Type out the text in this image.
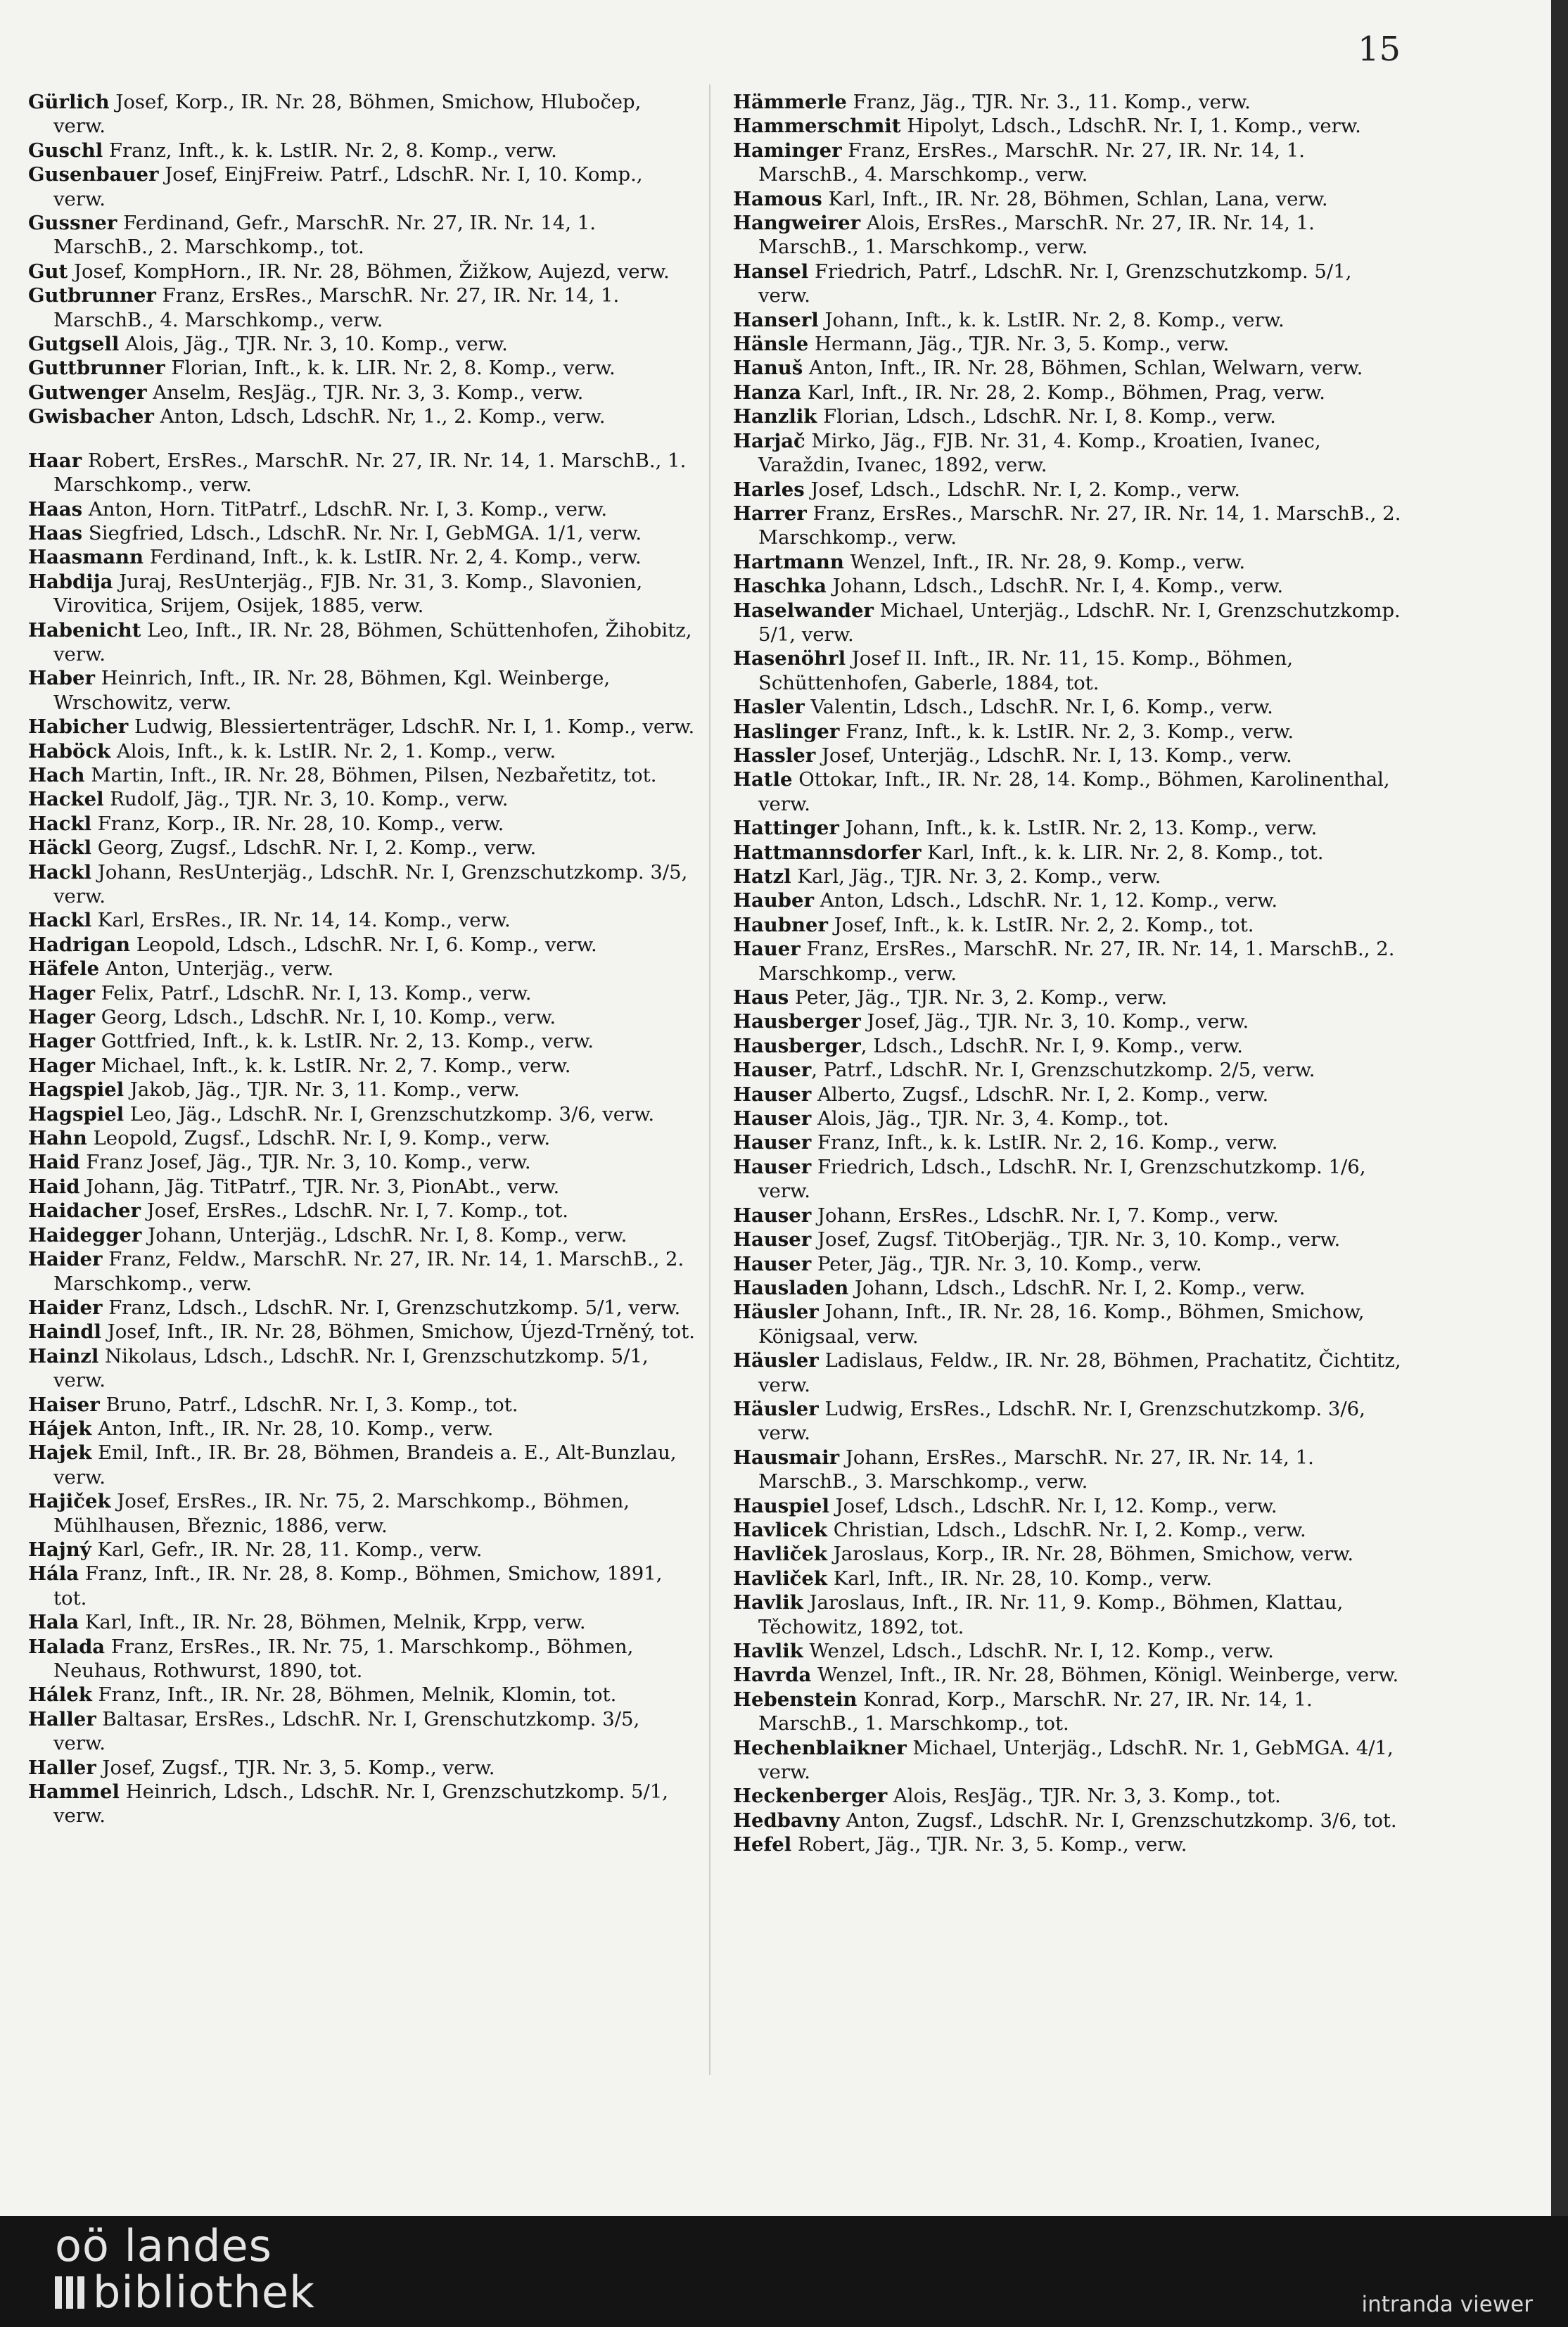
15

Gürlich Josef, Korp., IR. Nr. 28, Böhmen, Smichow, Hlubočep, verw.

Guschl Franz, Inft., k. k. LstIR. Nr. 2, 8. Komp., verw.

Gusenbauer Josef, EinjFreiw. Patrf., LdschR. Nr. I, 10. Komp., verw.

Gussner Ferdinand, Gefr., MarschR. Nr. 27, IR. Nr. 14, 1. MarschB., 2. Marschkomp., tot.

Gut Josef, KompHorn., IR. Nr. 28, Böhmen, Žižkow, Aujezd, verw.

Gutbrunner Franz, ErsRes., MarschR. Nr. 27, IR. Nr. 14, 1. MarschB., 4. Marschkomp., verw.

Gutgsell Alois, Jäg., TJR. Nr. 3, 10. Komp., verw.

Guttbrunner Florian, Inft., k. k. LIR. Nr. 2, 8. Komp., verw.

Gutwenger Anselm, ResJäg., TJR. Nr. 3, 3. Komp., verw.

Gwisbacher Anton, Ldsch, LdschR. Nr, 1., 2. Komp., verw.

Haar Robert, ErsRes., MarschR. Nr. 27, IR. Nr. 14, 1. MarschB., 1. Marschkomp., verw.

Haas Anton, Horn. TitPatrf., LdschR. Nr. I, 3. Komp., verw.

Haas Siegfried, Ldsch., LdschR. Nr. Nr. I, GebMGA. 1/1, verw.

Haasmann Ferdinand, Inft., k. k. LstIR. Nr. 2, 4. Komp., verw.

Habdija Juraj, ResUnterjäg., FJB. Nr. 31, 3. Komp., Slavonien, Virovitica, Srijem, Osijek, 1885, verw.

Habenicht Leo, Inft., IR. Nr. 28, Böhmen, Schüttenhofen, Žihobitz, verw.

Haber Heinrich, Inft., IR. Nr. 28, Böhmen, Kgl. Weinberge, Wrschowitz, verw.

Habicher Ludwig, Blessiertenträger, LdschR. Nr. I, 1. Komp., verw.

Haböck Alois, Inft., k. k. LstIR. Nr. 2, 1. Komp., verw.

Hach Martin, Inft., IR. Nr. 28, Böhmen, Pilsen, Nezbařetitz, tot.

Hackel Rudolf, Jäg., TJR. Nr. 3, 10. Komp., verw.

Hackl Franz, Korp., IR. Nr. 28, 10. Komp., verw.

Häckl Georg, Zugsf., LdschR. Nr. I, 2. Komp., verw.

Hackl Johann, ResUnterjäg., LdschR. Nr. I, Grenzschutzkomp. 3/5, verw.

Hackl Karl, ErsRes., IR. Nr. 14, 14. Komp., verw.

Hadrigan Leopold, Ldsch., LdschR. Nr. I, 6. Komp., verw.

Häfele Anton, Unterjäg., verw.

Hager Felix, Patrf., LdschR. Nr. I, 13. Komp., verw.

Hager Georg, Ldsch., LdschR. Nr. I, 10. Komp., verw.

Hager Gottfried, Inft., k. k. LstIR. Nr. 2, 13. Komp., verw.

Hager Michael, Inft., k. k. LstIR. Nr. 2, 7. Komp., verw.

Hagspiel Jakob, Jäg., TJR. Nr. 3, 11. Komp., verw.

Hagspiel Leo, Jäg., LdschR. Nr. I, Grenzschutzkomp. 3/6, verw.

Hahn Leopold, Zugsf., LdschR. Nr. I, 9. Komp., verw.

Haid Franz Josef, Jäg., TJR. Nr. 3, 10. Komp., verw.

Haid Johann, Jäg. TitPatrf., TJR. Nr. 3, PionAbt., verw.

Haidacher Josef, ErsRes., LdschR. Nr. I, 7. Komp., tot.

Haidegger Johann, Unterjäg., LdschR. Nr. I, 8. Komp., verw.

Haider Franz, Feldw., MarschR. Nr. 27, IR. Nr. 14, 1. MarschB., 2. Marschkomp., verw.

Haider Franz, Ldsch., LdschR. Nr. I, Grenzschutzkomp. 5/1, verw.

Haindl Josef, Inft., IR. Nr. 28, Böhmen, Smichow, Újezd-Trněný, tot.

Hainzl Nikolaus, Ldsch., LdschR. Nr. I, Grenzschutzkomp. 5/1, verw.

Haiser Bruno, Patrf., LdschR. Nr. I, 3. Komp., tot.

Hájek Anton, Inft., IR. Nr. 28, 10. Komp., verw.

Hajek Emil, Inft., IR. Br. 28, Böhmen, Brandeis a. E., Alt-Bunzlau, verw.

Hajiček Josef, ErsRes., IR. Nr. 75, 2. Marschkomp., Böhmen, Mühlhausen, Březnic, 1886, verw.

Hajný Karl, Gefr., IR. Nr. 28, 11. Komp., verw.

Hála Franz, Inft., IR. Nr. 28, 8. Komp., Böhmen, Smichow, 1891, tot.

Hala Karl, Inft., IR. Nr. 28, Böhmen, Melnik, Krpp, verw.

Halada Franz, ErsRes., IR. Nr. 75, 1. Marschkomp., Böhmen, Neuhaus, Rothwurst, 1890, tot.

Hálek Franz, Inft., IR. Nr. 28, Böhmen, Melnik, Klomin, tot.

Haller Baltasar, ErsRes., LdschR. Nr. I, Grenschutzkomp. 3/5, verw.

Haller Josef, Zugsf., TJR. Nr. 3, 5. Komp., verw.

Hammel Heinrich, Ldsch., LdschR. Nr. I, Grenzschutzkomp. 5/1, verw.

Hämmerle Franz, Jäg., TJR. Nr. 3., 11. Komp., verw.

Hammerschmit Hipolyt, Ldsch., LdschR. Nr. I, 1. Komp., verw.

Haminger Franz, ErsRes., MarschR. Nr. 27, IR. Nr. 14, 1. MarschB., 4. Marschkomp., verw.

Hamous Karl, Inft., IR. Nr. 28, Böhmen, Schlan, Lana, verw.

Hangweirer Alois, ErsRes., MarschR. Nr. 27, IR. Nr. 14, 1. MarschB., 1. Marschkomp., verw.

Hansel Friedrich, Patrf., LdschR. Nr. I, Grenzschutzkomp. 5/1, verw.

Hanserl Johann, Inft., k. k. LstIR. Nr. 2, 8. Komp., verw.

Hänsle Hermann, Jäg., TJR. Nr. 3, 5. Komp., verw.

Hanuš Anton, Inft., IR. Nr. 28, Böhmen, Schlan, Welwarn, verw.

Hanza Karl, Inft., IR. Nr. 28, 2. Komp., Böhmen, Prag, verw.

Hanzlik Florian, Ldsch., LdschR. Nr. I, 8. Komp., verw.

Harjač Mirko, Jäg., FJB. Nr. 31, 4. Komp., Kroatien, Ivanec, Varaždin, Ivanec, 1892, verw.

Harles Josef, Ldsch., LdschR. Nr. I, 2. Komp., verw.

Harrer Franz, ErsRes., MarschR. Nr. 27, IR. Nr. 14, 1. MarschB., 2. Marschkomp., verw.

Hartmann Wenzel, Inft., IR. Nr. 28, 9. Komp., verw.

Haschka Johann, Ldsch., LdschR. Nr. I, 4. Komp., verw.

Haselwander Michael, Unterjäg., LdschR. Nr. I, Grenzschutzkomp. 5/1, verw.

Hasenöhrl Josef II. Inft., IR. Nr. 11, 15. Komp., Böhmen, Schüttenhofen, Gaberle, 1884, tot.

Hasler Valentin, Ldsch., LdschR. Nr. I, 6. Komp., verw.

Haslinger Franz, Inft., k. k. LstIR. Nr. 2, 3. Komp., verw.

Hassler Josef, Unterjäg., LdschR. Nr. I, 13. Komp., verw.

Hatle Ottokar, Inft., IR. Nr. 28, 14. Komp., Böhmen, Karolinenthal, verw.

Hattinger Johann, Inft., k. k. LstIR. Nr. 2, 13. Komp., verw.

Hattmannsdorfer Karl, Inft., k. k. LIR. Nr. 2, 8. Komp., tot.

Hatzl Karl, Jäg., TJR. Nr. 3, 2. Komp., verw.

Hauber Anton, Ldsch., LdschR. Nr. 1, 12. Komp., verw.

Haubner Josef, Inft., k. k. LstIR. Nr. 2, 2. Komp., tot.

Hauer Franz, ErsRes., MarschR. Nr. 27, IR. Nr. 14, 1. MarschB., 2. Marschkomp., verw.

Haus Peter, Jäg., TJR. Nr. 3, 2. Komp., verw.

Hausberger Josef, Jäg., TJR. Nr. 3, 10. Komp., verw.

Hausberger, Ldsch., LdschR. Nr. I, 9. Komp., verw.

Hauser, Patrf., LdschR. Nr. I, Grenzschutzkomp. 2/5, verw.

Hauser Alberto, Zugsf., LdschR. Nr. I, 2. Komp., verw.

Hauser Alois, Jäg., TJR. Nr. 3, 4. Komp., tot.

Hauser Franz, Inft., k. k. LstIR. Nr. 2, 16. Komp., verw.

Hauser Friedrich, Ldsch., LdschR. Nr. I, Grenzschutzkomp. 1/6, verw.

Hauser Johann, ErsRes., LdschR. Nr. I, 7. Komp., verw.

Hauser Josef, Zugsf. TitOberjäg., TJR. Nr. 3, 10. Komp., verw.

Hauser Peter, Jäg., TJR. Nr. 3, 10. Komp., verw.

Hausladen Johann, Ldsch., LdschR. Nr. I, 2. Komp., verw.

Häusler Johann, Inft., IR. Nr. 28, 16. Komp., Böhmen, Smichow, Königsaal, verw.

Häusler Ladislaus, Feldw., IR. Nr. 28, Böhmen, Prachatitz, Čichtitz, verw.

Häusler Ludwig, ErsRes., LdschR. Nr. I, Grenzschutzkomp. 3/6, verw.

Hausmair Johann, ErsRes., MarschR. Nr. 27, IR. Nr. 14, 1. MarschB., 3. Marschkomp., verw.

Hauspiel Josef, Ldsch., LdschR. Nr. I, 12. Komp., verw.

Havlicek Christian, Ldsch., LdschR. Nr. I, 2. Komp., verw.

Havliček Jaroslaus, Korp., IR. Nr. 28, Böhmen, Smichow, verw.

Havliček Karl, Inft., IR. Nr. 28, 10. Komp., verw.

Havlik Jaroslaus, Inft., IR. Nr. 11, 9. Komp., Böhmen, Klattau, Těchowitz, 1892, tot.

Havlik Wenzel, Ldsch., LdschR. Nr. I, 12. Komp., verw.

Havrda Wenzel, Inft., IR. Nr. 28, Böhmen, Königl. Weinberge, verw.

Hebenstein Konrad, Korp., MarschR. Nr. 27, IR. Nr. 14, 1. MarschB., 1. Marschkomp., tot.

Hechenblaikner Michael, Unterjäg., LdschR. Nr. 1, GebMGA. 4/1, verw.

Heckenberger Alois, ResJäg., TJR. Nr. 3, 3. Komp., tot.

Hedbavny Anton, Zugsf., LdschR. Nr. I, Grenzschutzkomp. 3/6, tot.

Hefel Robert, Jäg., TJR. Nr. 3, 5. Komp., verw.

oö landes
bibliothek	intranda viewer
